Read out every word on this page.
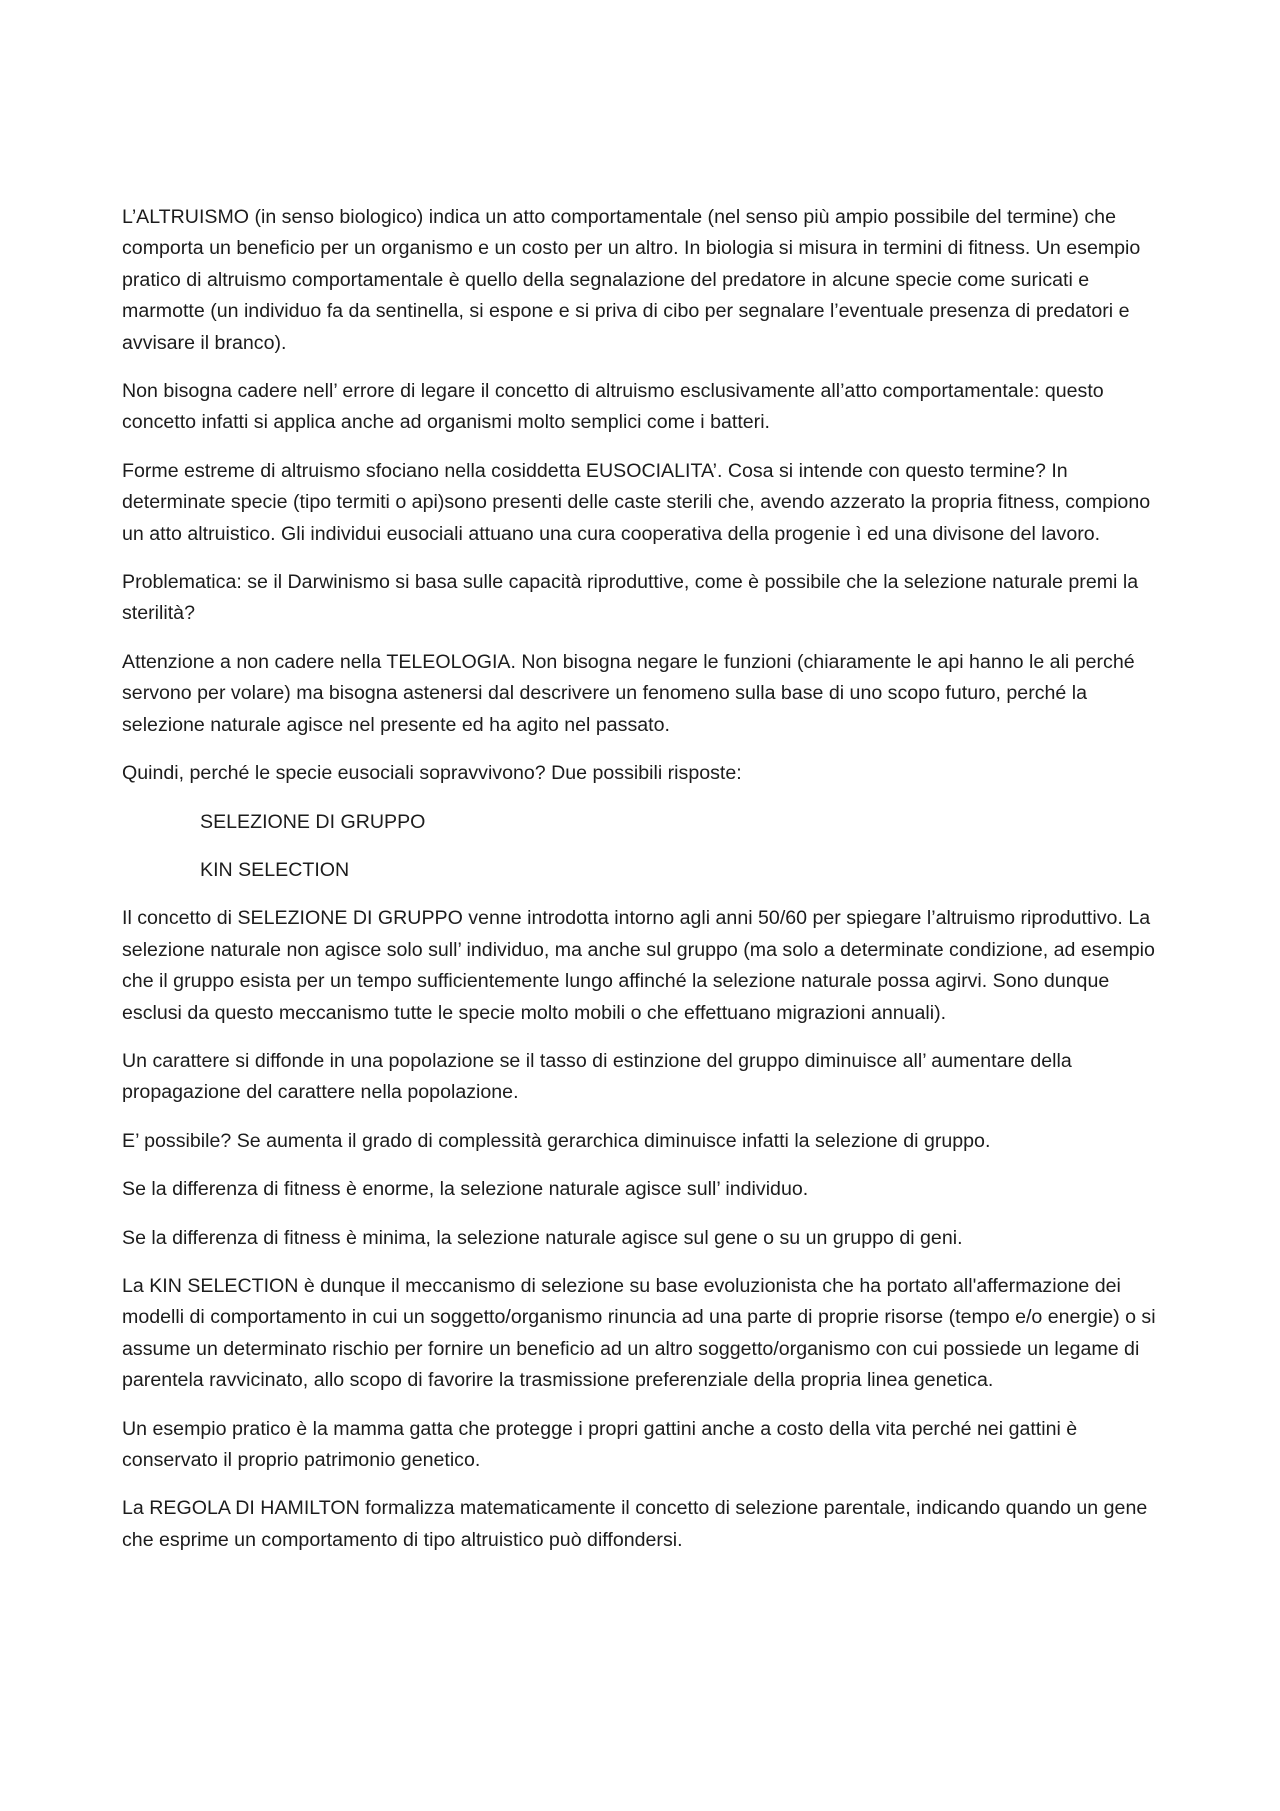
L’ALTRUISMO (in senso biologico) indica un atto comportamentale (nel senso più ampio possibile del termine) che comporta un beneficio per un organismo e un costo per un altro. In biologia si misura in termini di fitness. Un esempio pratico di altruismo comportamentale è quello della segnalazione del predatore in alcune specie come suricati e marmotte (un individuo fa da sentinella, si espone e si priva di cibo per segnalare l’eventuale presenza di predatori e avvisare il branco).

Non bisogna cadere nell’ errore di legare il concetto di altruismo esclusivamente all’atto comportamentale: questo concetto infatti si applica anche ad organismi molto semplici come i batteri.

Forme estreme di altruismo sfociano nella cosiddetta EUSOCIALITA’. Cosa si intende con questo termine? In determinate specie (tipo termiti o api)sono presenti delle caste sterili che, avendo azzerato la propria fitness, compiono un atto altruistico. Gli individui eusociali attuano una cura cooperativa della progenie ì ed una divisone del lavoro.

Problematica: se il Darwinismo si basa sulle capacità riproduttive, come è possibile che la selezione naturale premi la sterilità?

Attenzione a non cadere nella TELEOLOGIA. Non bisogna negare le funzioni (chiaramente le api hanno le ali perché servono per volare) ma bisogna astenersi dal descrivere un fenomeno sulla base di uno scopo futuro, perché la selezione naturale agisce nel presente ed ha agito nel passato.

Quindi, perché le specie eusociali sopravvivono? Due possibili risposte:

SELEZIONE DI GRUPPO

KIN SELECTION

Il concetto di SELEZIONE DI GRUPPO venne introdotta intorno agli anni 50/60 per spiegare l’altruismo riproduttivo. La selezione naturale non agisce solo sull’ individuo, ma anche sul gruppo (ma solo a determinate condizione, ad esempio che il gruppo esista per un tempo sufficientemente lungo affinché la selezione naturale possa agirvi. Sono dunque esclusi da questo meccanismo tutte le specie molto mobili o che effettuano migrazioni annuali).

Un carattere si diffonde in una popolazione se il tasso di estinzione del gruppo diminuisce all’ aumentare della propagazione del carattere nella popolazione.

E’ possibile? Se aumenta il grado di complessità gerarchica diminuisce infatti la selezione di gruppo.

Se la differenza di fitness è enorme, la selezione naturale agisce sull’ individuo.

Se la differenza di fitness è minima, la selezione naturale agisce sul gene o su un gruppo di geni.

La KIN SELECTION è dunque il meccanismo di selezione su base evoluzionista che ha portato all'affermazione dei modelli di comportamento in cui un soggetto/organismo rinuncia ad una parte di proprie risorse (tempo e/o energie) o si assume un determinato rischio per fornire un beneficio ad un altro soggetto/organismo con cui possiede un legame di parentela ravvicinato, allo scopo di favorire la trasmissione preferenziale della propria linea genetica.

Un esempio pratico è la mamma gatta che protegge i propri gattini anche a costo della vita perché nei gattini è conservato il proprio patrimonio genetico.

La REGOLA DI HAMILTON formalizza matematicamente il concetto di selezione parentale, indicando quando un gene che esprime un comportamento di tipo altruistico può diffondersi.
